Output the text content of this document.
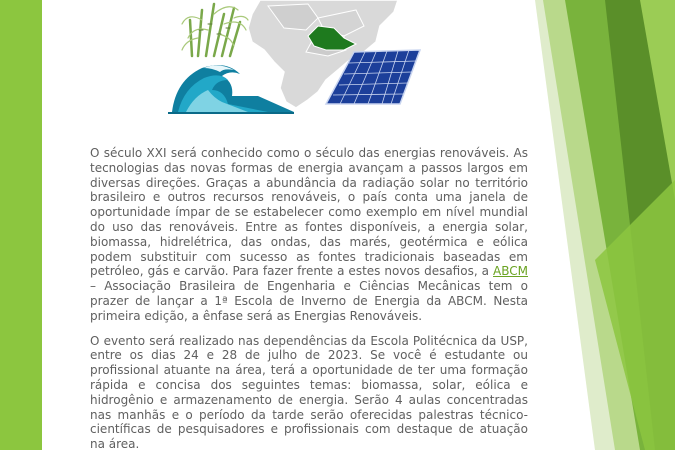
O século XXI será conhecido como o século das energias renováveis. As tecnologias das novas formas de energia avançam a passos largos em diversas direções. Graças a abundância da radiação solar no território brasileiro e outros recursos renováveis, o país conta uma janela de oportunidade ímpar de se estabelecer como exemplo em nível mundial do uso das renováveis. Entre as fontes disponíveis, a energia solar, biomassa, hidrelétrica, das ondas, das marés, geotérmica e eólica podem substituir com sucesso as fontes tradicionais baseadas em petróleo, gás e carvão. Para fazer frente a estes novos desafios, a ABCM – Associação Brasileira de Engenharia e Ciências Mecânicas tem o prazer de lançar a 1ª Escola de Inverno de Energia da ABCM. Nesta primeira edição, a ênfase será as Energias Renováveis.

O evento será realizado nas dependências da Escola Politécnica da USP, entre os dias 24 e 28 de julho de 2023. Se você é estudante ou profissional atuante na área, terá a oportunidade de ter uma formação rápida e concisa dos seguintes temas: biomassa, solar, eólica e hidrogênio e armazenamento de energia. Serão 4 aulas concentradas nas manhãs e o período da tarde serão oferecidas palestras técnico-científicas de pesquisadores e profissionais com destaque de atuação na área.
